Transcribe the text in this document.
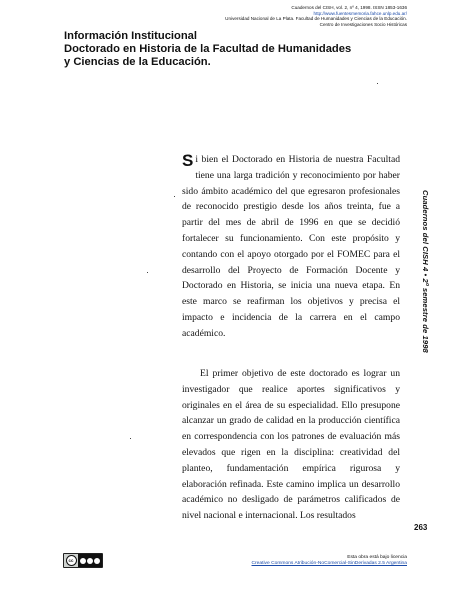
Cuadernos del CISH, vol. 2, nº 4, 1998. ISSN 1853-1636
http://www.fuentesmemoria.fahce.unlp.edu.ar/
Universidad Nacional de La Plata. Facultad de Humanidades y Ciencias de la Educación.
Centro de Investigaciones Socio Históricas
Información Institucional
Doctorado en Historia de la Facultad de Humanidades
y Ciencias de la Educación.

S i bien el Doctorado en Historia de nuestra Facultad tiene una larga tradición y reconocimiento por haber sido ámbito académico del que egresaron profesionales de reconocido prestigio desde los años treinta, fue a partir del mes de abril de 1996 en que se decidió fortalecer su funcionamiento. Con este propósito y contando con el apoyo otorgado por el FOMEC para el desarrollo del Proyecto de Formación Docente y Doctorado en Historia, se inicia una nueva etapa. En este marco se reafirman los objetivos y precisa el impacto e incidencia de la carrera en el campo académico.

El primer objetivo de este doctorado es lograr un investigador que realice aportes significativos y originales en el área de su especialidad. Ello presupone alcanzar un grado de calidad en la producción científica en correspondencia con los patrones de evaluación más elevados que rigen en la disciplina: creatividad del planteo, fundamentación empírica rigurosa y elaboración refinada. Este camino implica un desarrollo académico no desligado de parámetros calificados de nivel nacional e internacional. Los resultados

Cuadernos del CISH 4 • 2º semestre de 1998
263
cc
Esta obra está bajo licencia
Creative Commons Atribución-NoComercial-SinDerivadas 2.5 Argentina
